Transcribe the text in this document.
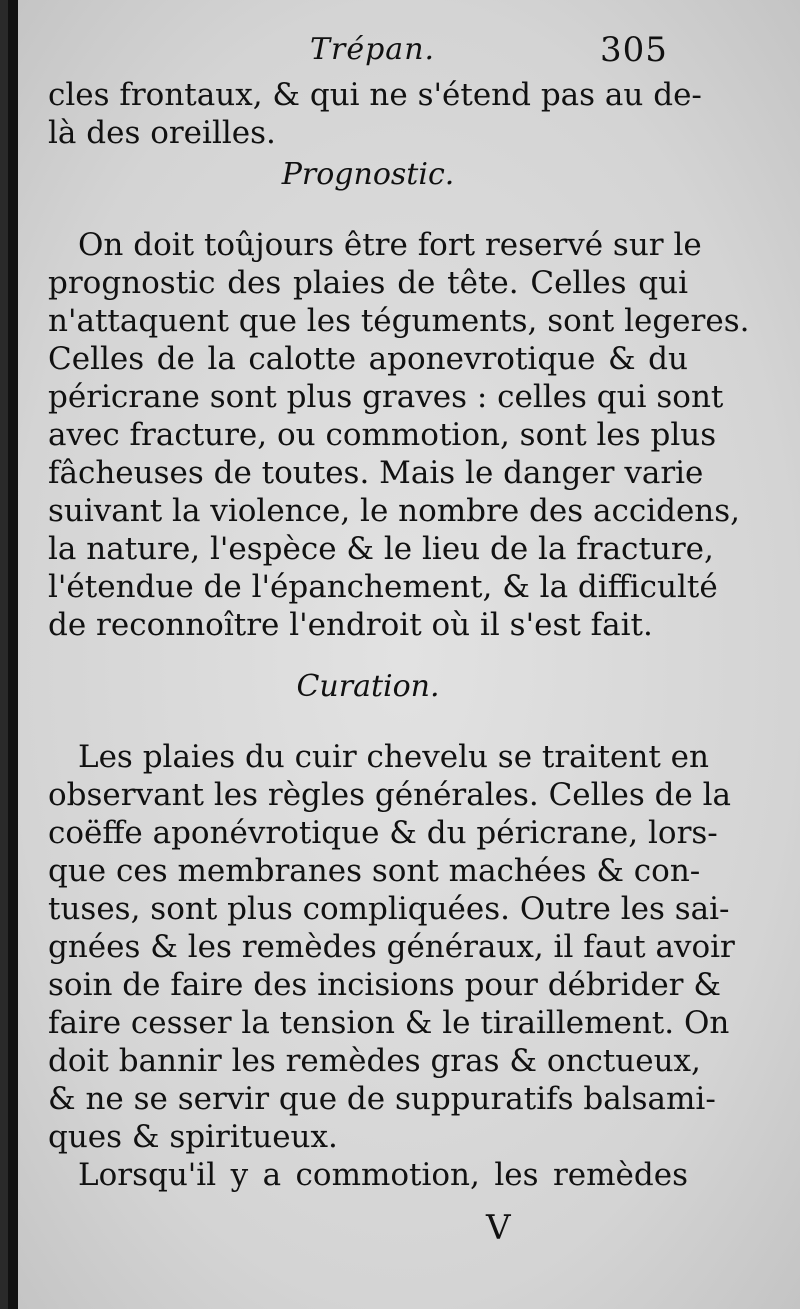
Trépan.	305
cles frontaux, & qui ne s'étend pas au de-
là des oreilles.
Prognostic.
On doit toûjours être fort reservé sur le
prognostic des plaies de tête. Celles qui
n'attaquent que les téguments, sont legeres.
Celles de la calotte aponevrotique & du
péricrane sont plus graves : celles qui sont
avec fracture, ou commotion, sont les plus
fâcheuses de toutes. Mais le danger varie
suivant la violence, le nombre des accidens,
la nature, l'espèce & le lieu de la fracture,
l'étendue de l'épanchement, & la difficulté
de reconnoître l'endroit où il s'est fait.
Curation.
Les plaies du cuir chevelu se traitent en
observant les règles générales. Celles de la
coëffe aponévrotique & du péricrane, lors-
que ces membranes sont machées & con-
tuses, sont plus compliquées. Outre les sai-
gnées & les remèdes généraux, il faut avoir
soin de faire des incisions pour débrider &
faire cesser la tension & le tiraillement. On
doit bannir les remèdes gras & onctueux,
& ne se servir que de suppuratifs balsami-
ques & spiritueux.
Lorsqu'il y a commotion, les remèdes
V
